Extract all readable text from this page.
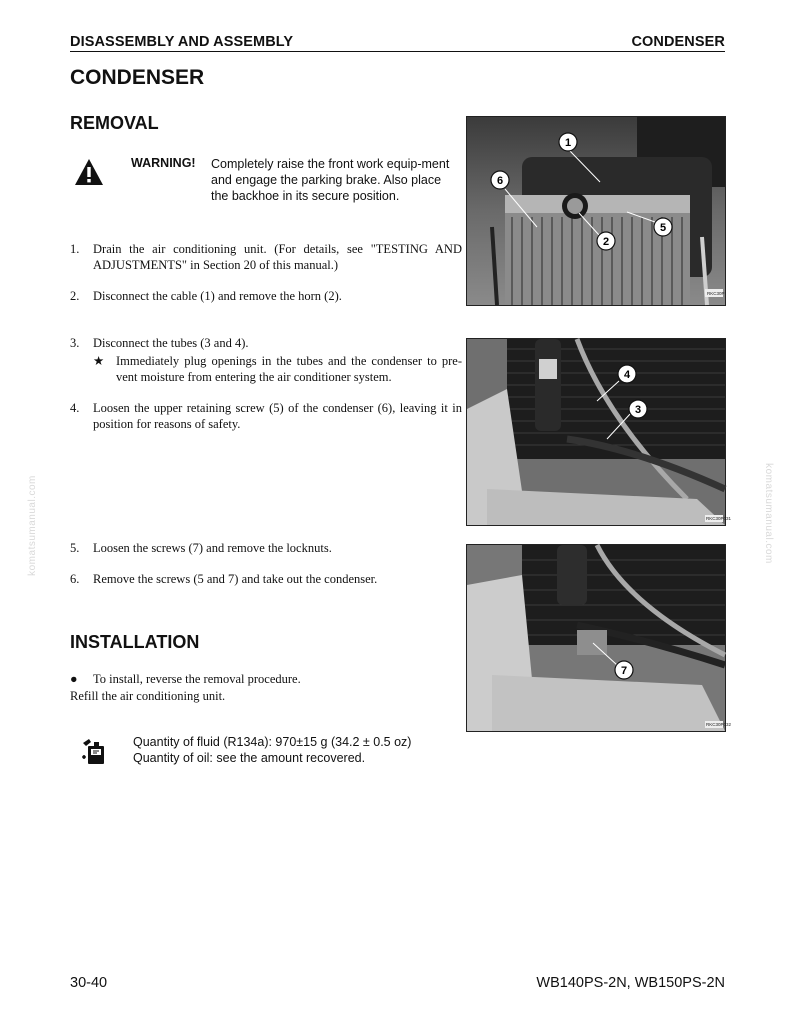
DISASSEMBLY AND ASSEMBLY	CONDENSER
CONDENSER
REMOVAL
WARNING! Completely raise the front work equip-ment and engage the parking brake. Also place the backhoe in its secure position.
1. Drain the air conditioning unit. (For details, see "TESTING AND ADJUSTMENTS" in Section 20 of this manual.)
2. Disconnect the cable (1) and remove the horn (2).
3. Disconnect the tubes (3 and 4).
★ Immediately plug openings in the tubes and the condenser to pre-vent moisture from entering the air conditioner system.
4. Loosen the upper retaining screw (5) of the condenser (6), leaving it in position for reasons of safety.
5. Loosen the screws (7) and remove the locknuts.
6. Remove the screws (5 and 7) and take out the condenser.
INSTALLATION
● To install, reverse the removal procedure.
Refill the air conditioning unit.
Quantity of fluid (R134a): 970±15 g (34.2 ± 0.5 oz)
Quantity of oil: see the amount recovered.
RKC30P
1
6
5
2
RKC30P031
4
3
RKC30P032
7
komatsumanual.com	komatsumanual.com
30-40	WB140PS-2N, WB150PS-2N
